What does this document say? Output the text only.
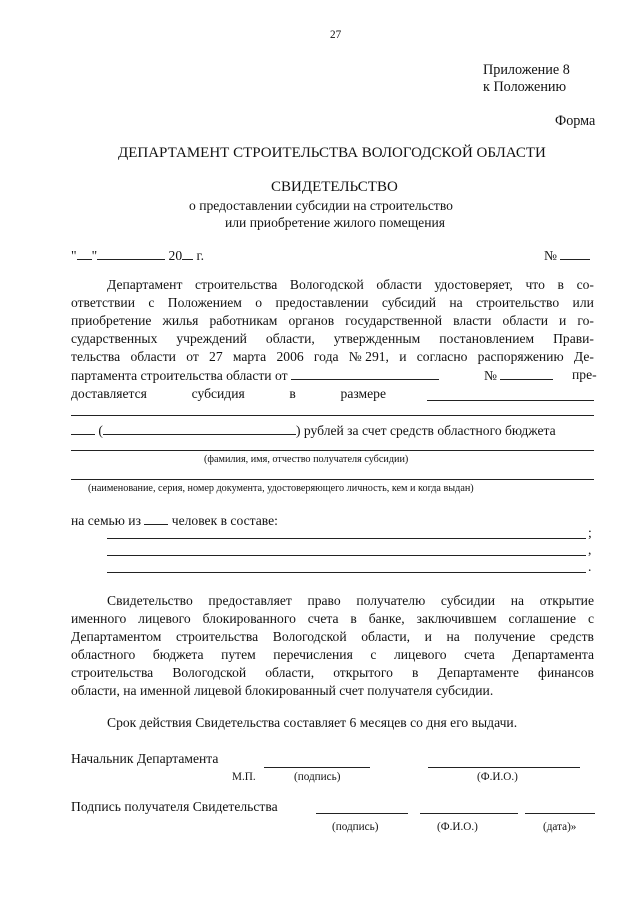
27
Приложение 8
к Положению
Форма
ДЕПАРТАМЕНТ СТРОИТЕЛЬСТВА ВОЛОГОДСКОЙ ОБЛАСТИ
СВИДЕТЕЛЬСТВО
о предоставлении субсидии на строительство
или приобретение жилого помещения
" "	20 г.	№
Департамент строительства Вологодской области удостоверяет, что в со-
ответствии с Положением о предоставлении субсидий на строительство или
приобретение жилья работникам органов государственной власти области и го-
сударственных учреждений области, утвержденным постановлением Прави-
тельства области от 27 марта 2006 года № 291, и согласно распоряжению Де-
партамента строительства области от	№	пре-
доставляется	субсидия	в	размере
(	) рублей за счет средств областного бюджета
(фамилия, имя, отчество получателя субсидии)
(наименование, серия, номер документа, удостоверяющего личность, кем и когда выдан)
на семью из человек в составе:
;
,
.
Свидетельство предоставляет право получателю субсидии на открытие
именного лицевого блокированного счета в банке, заключившем соглашение с
Департаментом строительства Вологодской области, и на получение средств
областного бюджета путем перечисления с лицевого счета Департамента
строительства Вологодской области, открытого в Департаменте финансов
области, на именной лицевой блокированный счет получателя субсидии.
Срок действия Свидетельства составляет 6 месяцев со дня его выдачи.
Начальник Департамента
М.П.	(подпись)	(Ф.И.О.)
Подпись получателя Свидетельства
(подпись)	(Ф.И.О.)	(дата)»
